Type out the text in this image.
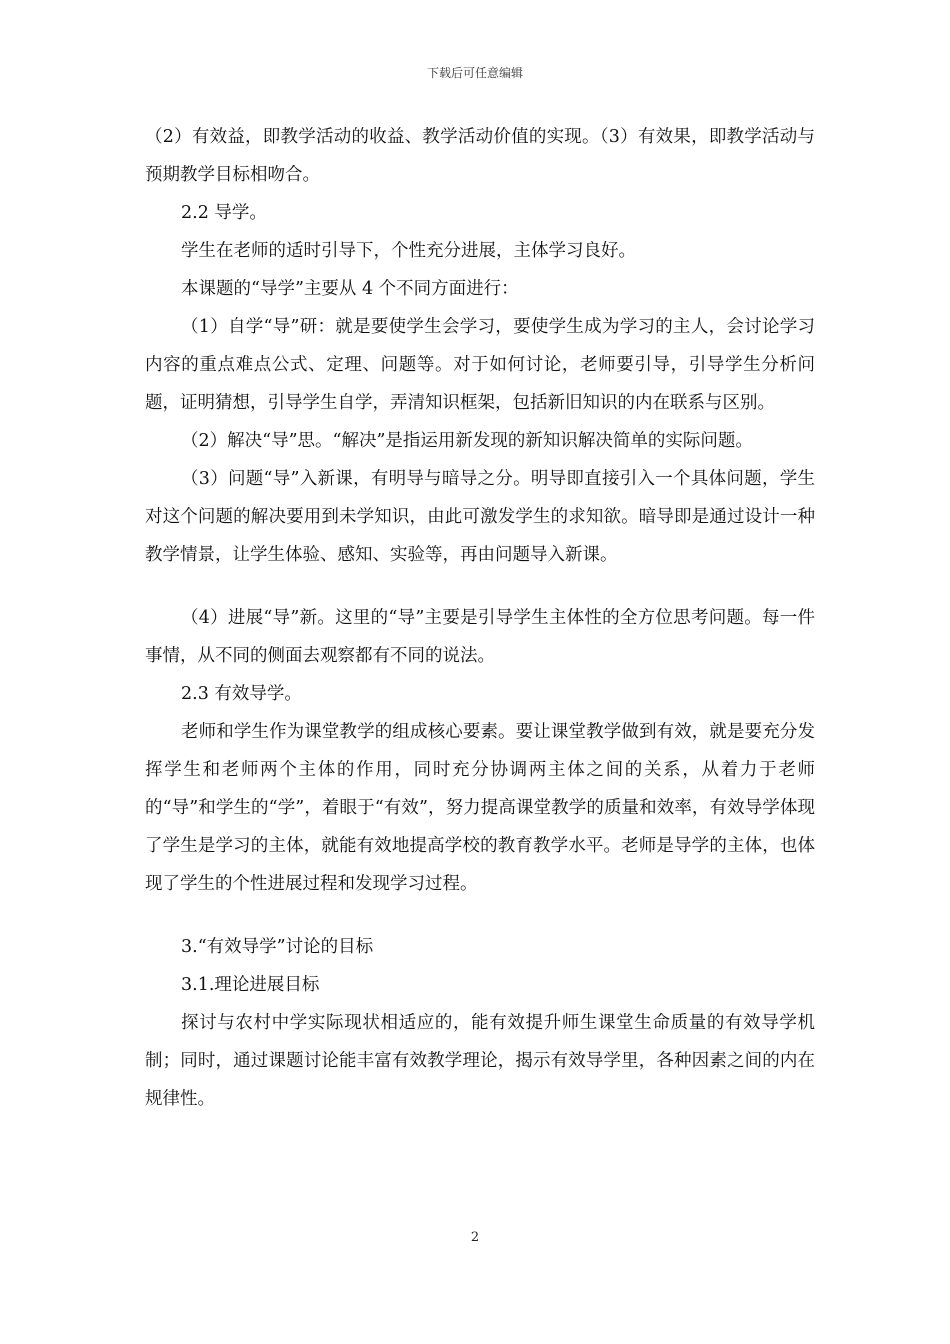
下载后可任意编辑

（2）有效益，即教学活动的收益、教学活动价值的实现。（3）有效果，即教学活动与预期教学目标相吻合。

2.2 导学。

学生在老师的适时引导下，个性充分进展，主体学习良好。

本课题的“导学”主要从 4 个不同方面进行：

（1）自学“导”研：就是要使学生会学习，要使学生成为学习的主人，会讨论学习内容的重点难点公式、定理、问题等。对于如何讨论，老师要引导，引导学生分析问题，证明猜想，引导学生自学，弄清知识框架，包括新旧知识的内在联系与区别。

（2）解决“导”思。“解决”是指运用新发现的新知识解决简单的实际问题。

（3）问题“导”入新课，有明导与暗导之分。明导即直接引入一个具体问题，学生对这个问题的解决要用到未学知识，由此可激发学生的求知欲。暗导即是通过设计一种教学情景，让学生体验、感知、实验等，再由问题导入新课。

（4）进展“导”新。这里的“导”主要是引导学生主体性的全方位思考问题。每一件事情，从不同的侧面去观察都有不同的说法。

2.3 有效导学。

老师和学生作为课堂教学的组成核心要素。要让课堂教学做到有效，就是要充分发挥学生和老师两个主体的作用，同时充分协调两主体之间的关系，从着力于老师的“导”和学生的“学”，着眼于“有效”，努力提高课堂教学的质量和效率，有效导学体现了学生是学习的主体，就能有效地提高学校的教育教学水平。老师是导学的主体，也体现了学生的个性进展过程和发现学习过程。

3.“有效导学”讨论的目标

3.1.理论进展目标

探讨与农村中学实际现状相适应的，能有效提升师生课堂生命质量的有效导学机制；同时，通过课题讨论能丰富有效教学理论，揭示有效导学里，各种因素之间的内在规律性。

2
